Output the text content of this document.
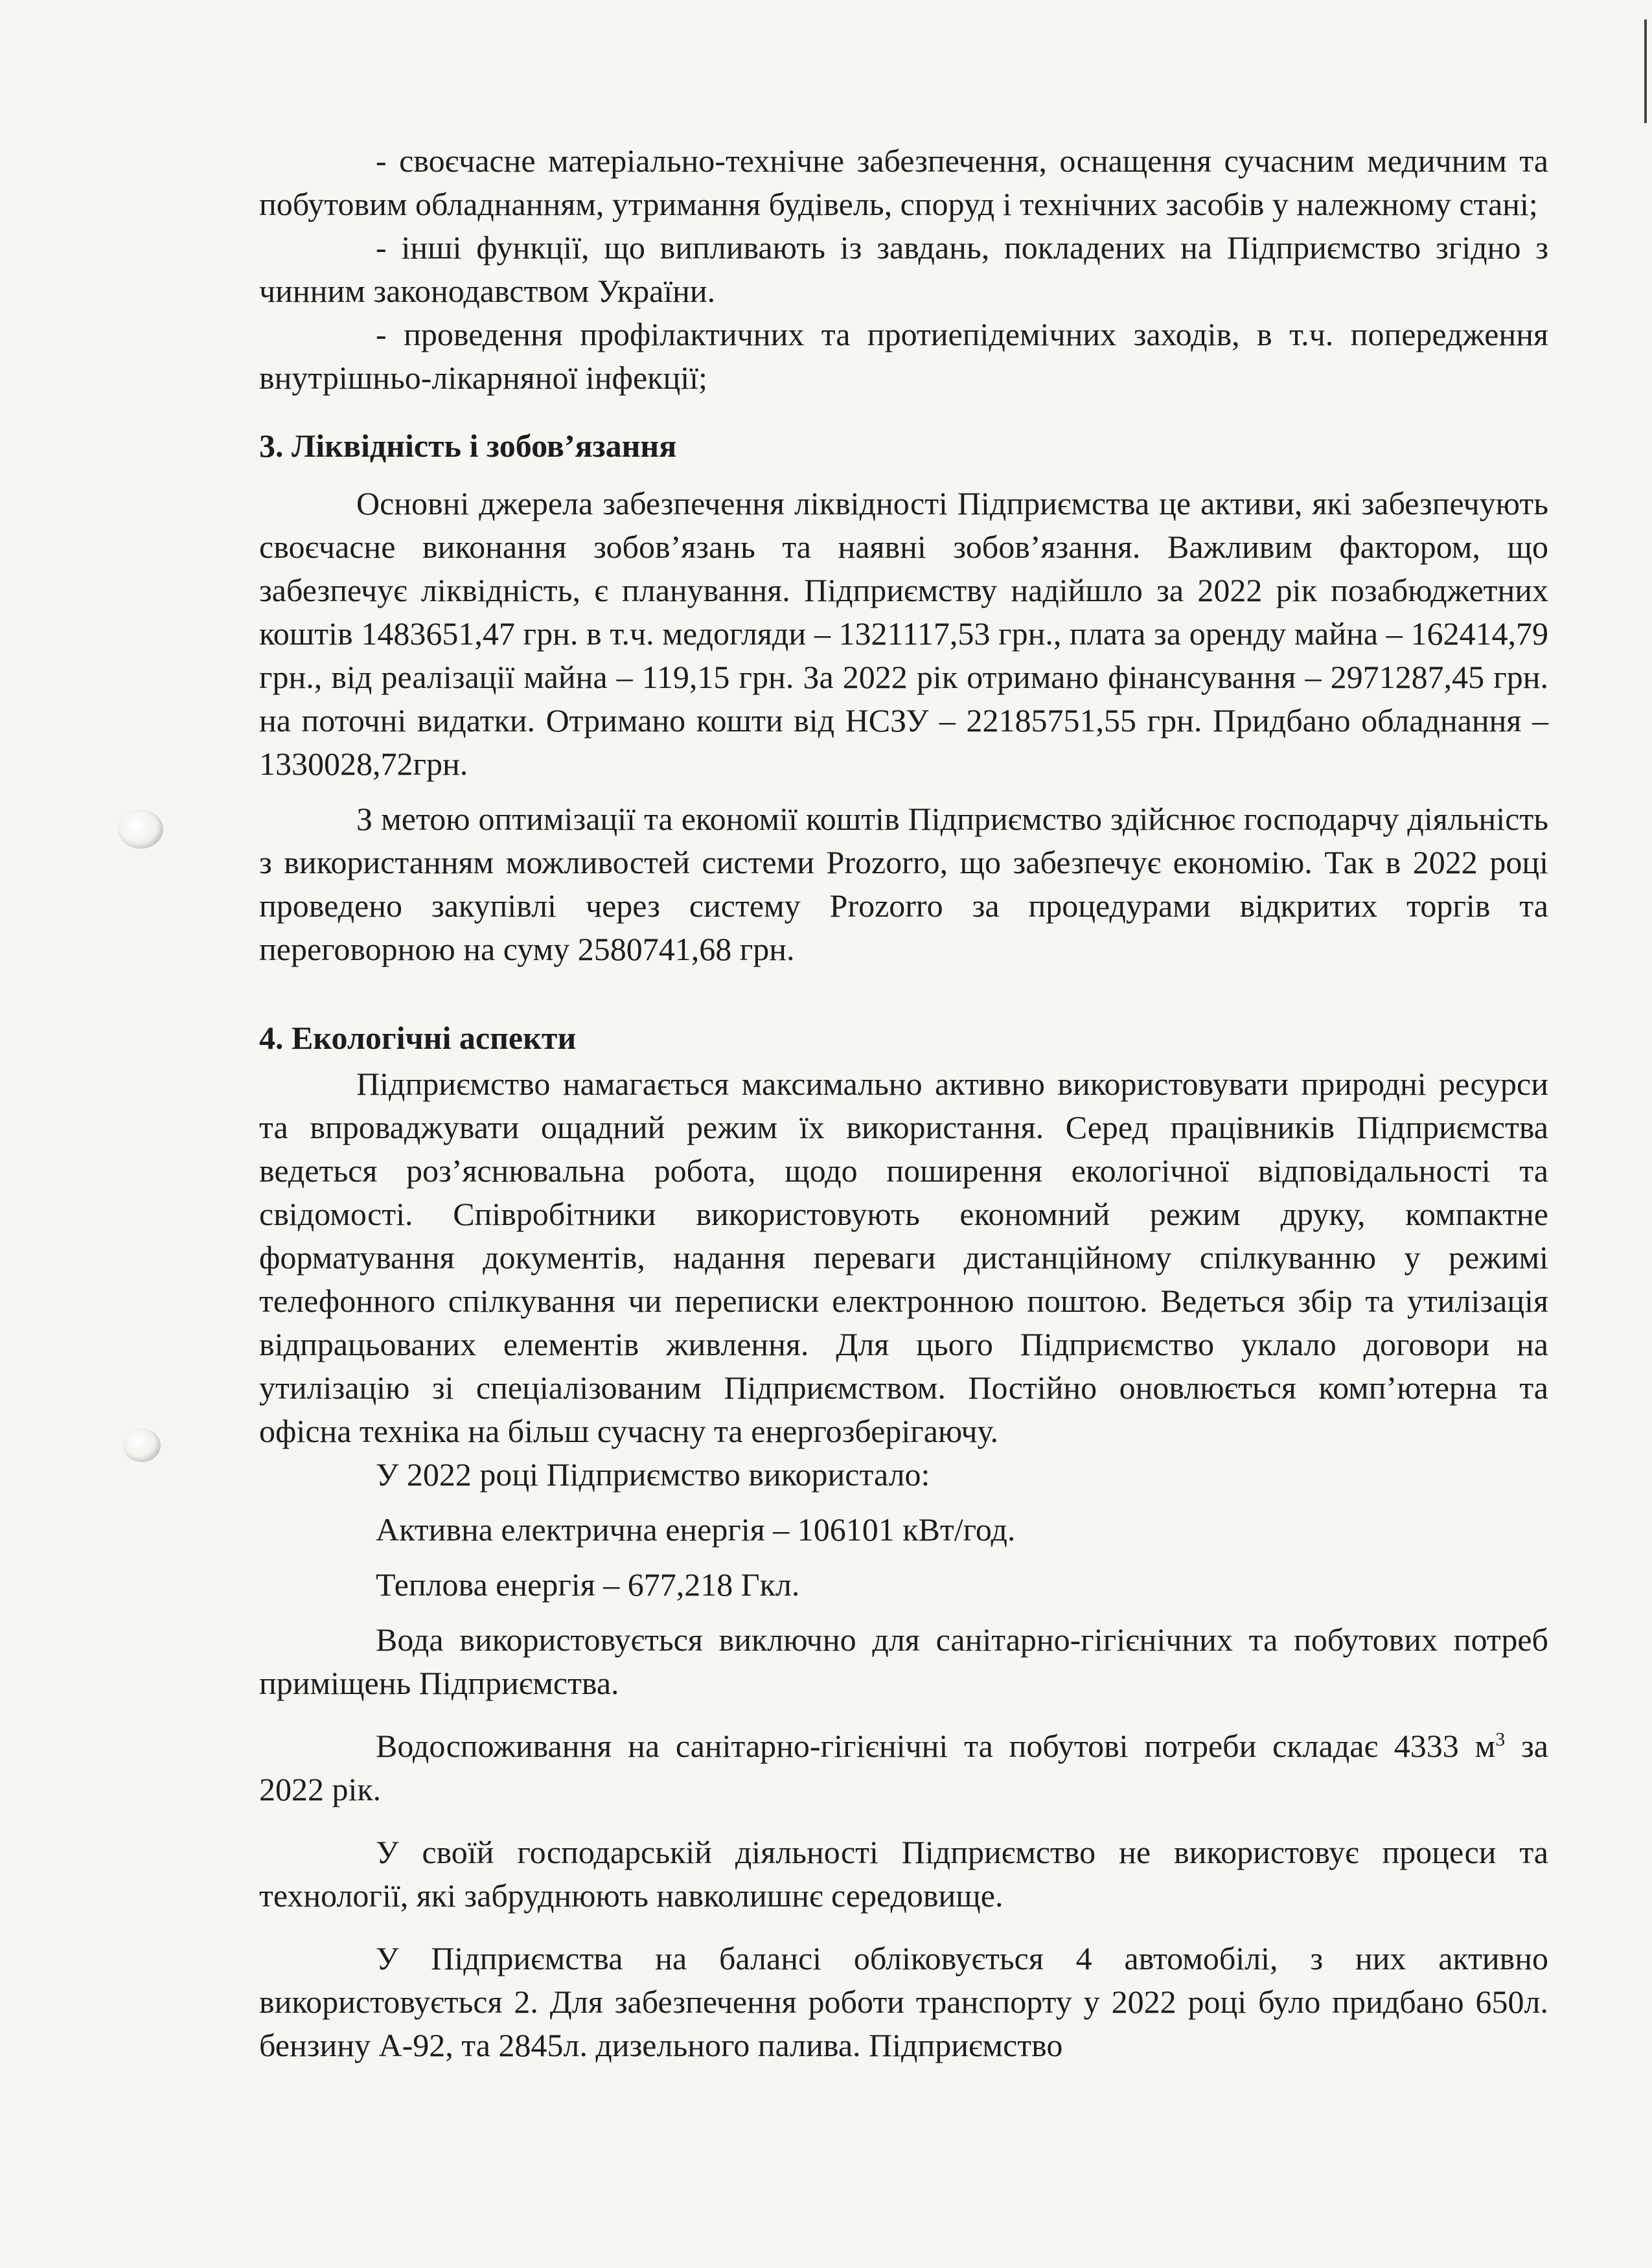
- своєчасне матеріально-технічне забезпечення, оснащення сучасним медичним та побутовим обладнанням, утримання будівель, споруд і технічних засобів у належному стані;

- інші функції, що випливають із завдань, покладених на Підприємство згідно з чинним законодавством України.

- проведення профілактичних та протиепідемічних заходів, в т.ч. попередження внутрішньо-лікарняної інфекції;

3. Ліквідність і зобов’язання

Основні джерела забезпечення ліквідності Підприємства це активи, які забезпечують своєчасне виконання зобов’язань та наявні зобов’язання. Важливим фактором, що забезпечує ліквідність, є планування. Підприємству надійшло за 2022 рік позабюджетних коштів 1483651,47 грн. в т.ч. медогляди – 1321117,53 грн., плата за оренду майна – 162414,79 грн., від реалізації майна – 119,15 грн. За 2022 рік отримано фінансування – 2971287,45 грн. на поточні видатки. Отримано кошти від НСЗУ – 22185751,55 грн. Придбано обладнання – 1330028,72грн.

З метою оптимізації та економії коштів Підприємство здійснює господарчу діяльність з використанням можливостей системи Prozorro, що забезпечує економію. Так в 2022 році проведено закупівлі через систему Prozorro за процедурами відкритих торгів та переговорною на суму 2580741,68 грн.

4. Екологічні аспекти

Підприємство намагається максимально активно використовувати природні ресурси та впроваджувати ощадний режим їх використання. Серед працівників Підприємства ведеться роз’яснювальна робота, щодо поширення екологічної відповідальності та свідомості. Співробітники використовують економний режим друку, компактне форматування документів, надання переваги дистанційному спілкуванню у режимі телефонного спілкування чи переписки електронною поштою. Ведеться збір та утилізація відпрацьованих елементів живлення. Для цього Підприємство уклало договори на утилізацію зі спеціалізованим Підприємством. Постійно оновлюється комп’ютерна та офісна техніка на більш сучасну та енергозберігаючу.

У 2022 році Підприємство використало:

Активна електрична енергія – 106101 кВт/год.

Теплова енергія – 677,218 Гкл.

Вода використовується виключно для санітарно-гігієнічних та побутових потреб приміщень Підприємства.

Водоспоживання на санітарно-гігієнічні та побутові потреби складає 4333 $м^3$ за 2022 рік.

У своїй господарській діяльності Підприємство не використовує процеси та технології, які забруднюють навколишнє середовище.

У Підприємства на балансі обліковується 4 автомобілі, з них активно використовується 2. Для забезпечення роботи транспорту у 2022 році було придбано 650л. бензину А-92, та 2845л. дизельного палива. Підприємство
